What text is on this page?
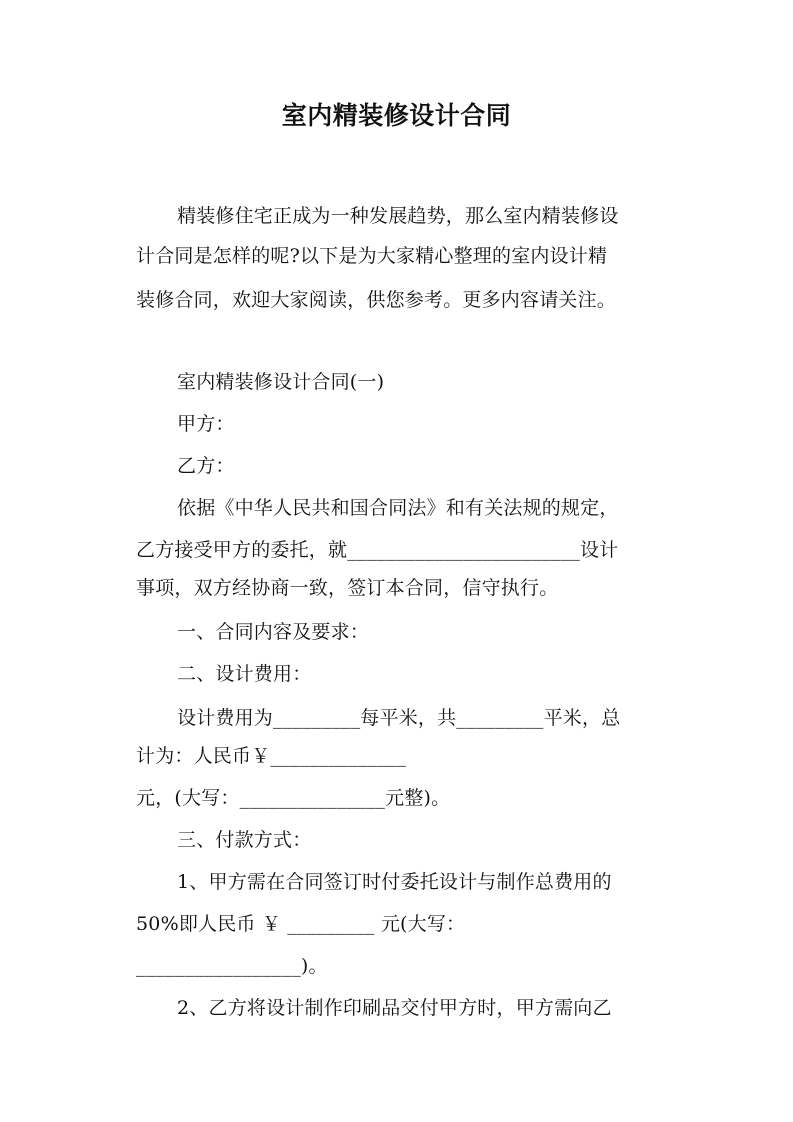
室内精装修设计合同
精装修住宅正成为一种发展趋势，那么室内精装修设
计合同是怎样的呢?以下是为大家精心整理的室内设计精
装修合同，欢迎大家阅读，供您参考。更多内容请关注。
室内精装修设计合同(一)
甲方：
乙方：
依据《中华人民共和国合同法》和有关法规的规定，
乙方接受甲方的委托，就________________________设计
事项，双方经协商一致，签订本合同，信守执行。
一、合同内容及要求：
二、设计费用：
设计费用为_________每平米，共_________平米，总
计为：人民币￥______________
元，(大写：_______________元整)。
三、付款方式：
1、甲方需在合同签订时付委托设计与制作总费用的
50%即人民币 ￥ _________ 元(大写：
_________________)。
2、乙方将设计制作印刷品交付甲方时，甲方需向乙
